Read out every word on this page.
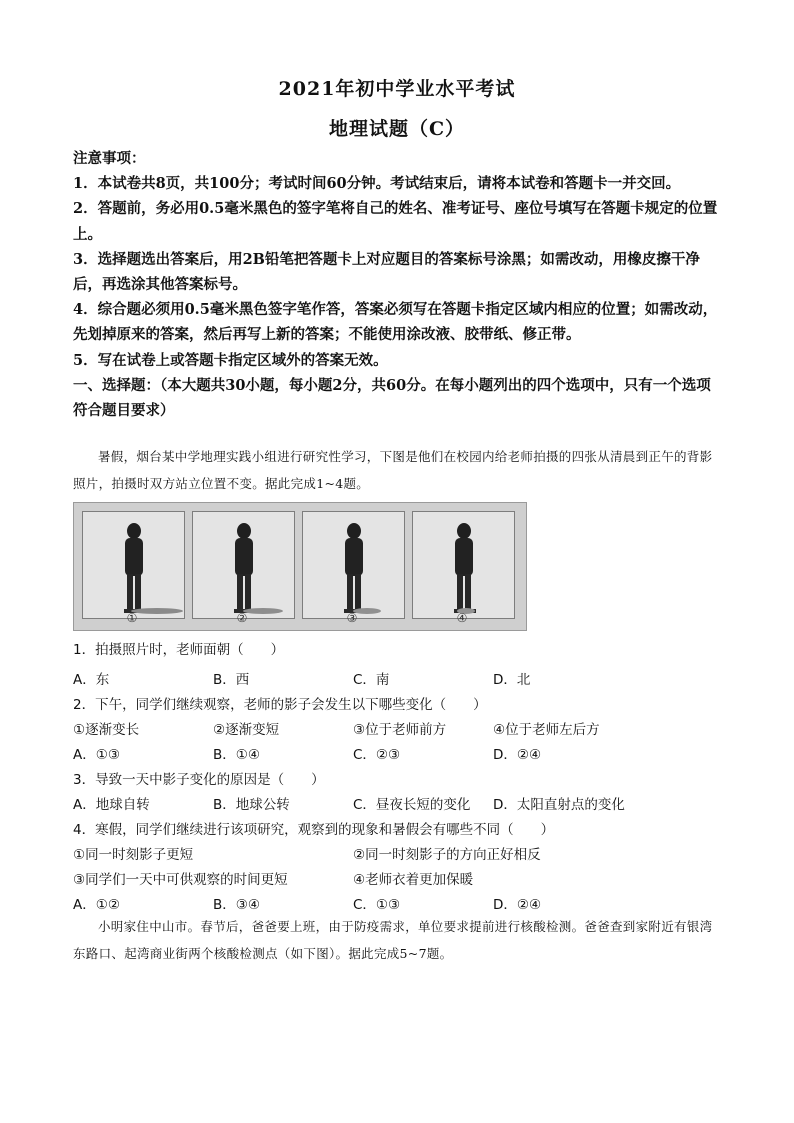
2021年初中学业水平考试
地理试题（C）

注意事项：

1．本试卷共8页，共100分；考试时间60分钟。考试结束后，请将本试卷和答题卡一并交回。

2．答题前，务必用0.5毫米黑色的签字笔将自己的姓名、准考证号、座位号填写在答题卡规定的位置上。

3．选择题选出答案后，用2B铅笔把答题卡上对应题目的答案标号涂黑；如需改动，用橡皮擦干净后，再选涂其他答案标号。

4．综合题必须用0.5毫米黑色签字笔作答，答案必须写在答题卡指定区域内相应的位置；如需改动，先划掉原来的答案，然后再写上新的答案；不能使用涂改液、胶带纸、修正带。

5．写在试卷上或答题卡指定区域外的答案无效。

一、选择题：（本大题共30小题，每小题2分，共60分。在每小题列出的四个选项中，只有一个选项符合题目要求）

暑假，烟台某中学地理实践小组进行研究性学习，下图是他们在校园内给老师拍摄的四张从清晨到正午的背影照片，拍摄时双方站立位置不变。据此完成1~4题。
①	②	③	④
1．拍摄照片时，老师面朝（　　）
A．东	B．西	C．南	D．北
2．下午，同学们继续观察，老师的影子会发生以下哪些变化（　　）
①逐渐变长	②逐渐变短	③位于老师前方	④位于老师左后方
A．①③	B．①④	C．②③	D．②④
3．导致一天中影子变化的原因是（　　）
A．地球自转	B．地球公转	C．昼夜长短的变化 D．太阳直射点的变化
4．寒假，同学们继续进行该项研究，观察到的现象和暑假会有哪些不同（　　）
①同一时刻影子更短	②同一时刻影子的方向正好相反
③同学们一天中可供观察的时间更短	④老师衣着更加保暖
A．①②	B．③④	C．①③	D．②④
小明家住中山市。春节后，爸爸要上班，由于防疫需求，单位要求提前进行核酸检测。爸爸查到家附近有银湾东路口、起湾商业街两个核酸检测点（如下图）。据此完成5~7题。
